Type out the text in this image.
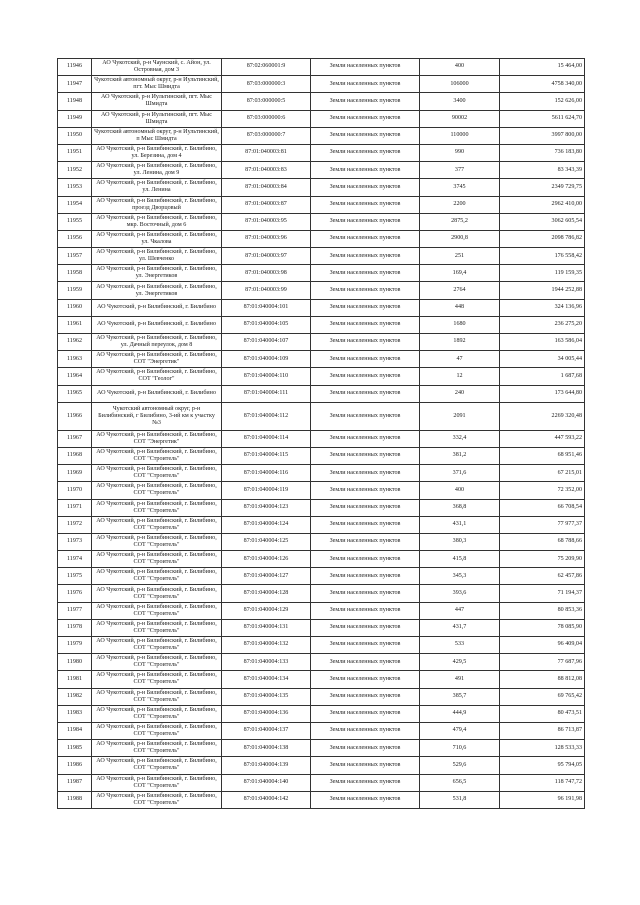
11946	АО Чукотский, р-н Чаунский, с. Айон, ул. Островная, дом 3	87:02:060001:9	Земли населенных пунктов	400	15 464,00
11947	Чукотский автономный округ, р-н Иультинский, пгт. Мыс Шмидта	87:03:000000:3	Земли населенных пунктов	106000	4758 340,00
11948	АО Чукотский, р-н Иультинский, пгт. Мыс Шмидта	87:03:000000:5	Земли населенных пунктов	3400	152 626,00
11949	АО Чукотский, р-н Иультинский, пгт. Мыс Шмидта	87:03:000000:6	Земли населенных пунктов	90002	5611 624,70
11950	Чукотский автономный округ, р-н Иультинский, п Мыс Шмидта	87:03:000000:7	Земли населенных пунктов	110000	3997 800,00
11951	АО Чукотский, р-н Билибинский, г. Билибино, ул. Березина, дом 4	87:01:040003:81	Земли населенных пунктов	990	736 183,80
11952	АО Чукотский, р-н Билибинский, г. Билибино, ул. Ленина, дом 9	87:01:040003:83	Земли населенных пунктов	377	83 343,39
11953	АО Чукотский, р-н Билибинский, г. Билибино, ул. Ленина	87:01:040003:84	Земли населенных пунктов	3745	2349 729,75
11954	АО Чукотский, р-н Билибинский, г. Билибино, проезд Дворцовый	87:01:040003:87	Земли населенных пунктов	2200	2962 410,00
11955	АО Чукотский, р-н Билибинский, г. Билибино, мкр. Восточный, дом 6	87:01:040003:95	Земли населенных пунктов	2875,2	3062 605,54
11956	АО Чукотский, р-н Билибинский, г. Билибино, ул. Чкалова	87:01:040003:96	Земли населенных пунктов	2900,8	2098 786,82
11957	АО Чукотский, р-н Билибинский, г. Билибино, ул. Шевченко	87:01:040003:97	Земли населенных пунктов	251	176 558,42
11958	АО Чукотский, р-н Билибинский, г. Билибино, ул. Энергетиков	87:01:040003:98	Земли населенных пунктов	169,4	119 159,35
11959	АО Чукотский, р-н Билибинский, г. Билибино, ул. Энергетиков	87:01:040003:99	Земли населенных пунктов	2764	1944 252,88
11960	АО Чукотский, р-н Билибинский, г. Билибино	87:01:040004:101	Земли населенных пунктов	448	324 136,96
11961	АО Чукотский, р-н Билибинский, г. Билибино	87:01:040004:105	Земли населенных пунктов	1680	236 275,20
11962	АО Чукотский, р-н Билибинский, г. Билибино, ул. Дачный переулок, дом 8	87:01:040004:107	Земли населенных пунктов	1892	163 586,04
11963	АО Чукотский, р-н Билибинский, г. Билибино, СОТ "Энергетик"	87:01:040004:109	Земли населенных пунктов	47	34 005,44
11964	АО Чукотский, р-н Билибинский, г. Билибино, СОТ "Геолог"	87:01:040004:110	Земли населенных пунктов	12	1 687,68
11965	АО Чукотский, р-н Билибинский, г. Билибино	87:01:040004:111	Земли населенных пунктов	240	173 644,80
11966	Чукотский автономный округ, р-н Билибинский, г Билибино, 3-ий км к участку №3	87:01:040004:112	Земли населенных пунктов	2091	2269 320,48
11967	АО Чукотский, р-н Билибинский, г. Билибино, СОТ "Энергетик"	87:01:040004:114	Земли населенных пунктов	332,4	447 593,22
11968	АО Чукотский, р-н Билибинский, г. Билибино, СОТ "Строитель"	87:01:040004:115	Земли населенных пунктов	381,2	68 951,46
11969	АО Чукотский, р-н Билибинский, г. Билибино, СОТ "Строитель"	87:01:040004:116	Земли населенных пунктов	371,6	67 215,01
11970	АО Чукотский, р-н Билибинский, г. Билибино, СОТ "Строитель"	87:01:040004:119	Земли населенных пунктов	400	72 352,00
11971	АО Чукотский, р-н Билибинский, г. Билибино, СОТ "Строитель"	87:01:040004:123	Земли населенных пунктов	368,8	66 708,54
11972	АО Чукотский, р-н Билибинский, г. Билибино, СОТ "Строитель"	87:01:040004:124	Земли населенных пунктов	431,1	77 977,37
11973	АО Чукотский, р-н Билибинский, г. Билибино, СОТ "Строитель"	87:01:040004:125	Земли населенных пунктов	380,3	68 788,66
11974	АО Чукотский, р-н Билибинский, г. Билибино, СОТ "Строитель"	87:01:040004:126	Земли населенных пунктов	415,8	75 209,90
11975	АО Чукотский, р-н Билибинский, г. Билибино, СОТ "Строитель"	87:01:040004:127	Земли населенных пунктов	345,3	62 457,86
11976	АО Чукотский, р-н Билибинский, г. Билибино, СОТ "Строитель"	87:01:040004:128	Земли населенных пунктов	393,6	71 194,37
11977	АО Чукотский, р-н Билибинский, г. Билибино, СОТ "Строитель"	87:01:040004:129	Земли населенных пунктов	447	80 853,36
11978	АО Чукотский, р-н Билибинский, г. Билибино, СОТ "Строитель"	87:01:040004:131	Земли населенных пунктов	431,7	78 085,90
11979	АО Чукотский, р-н Билибинский, г. Билибино, СОТ "Строитель"	87:01:040004:132	Земли населенных пунктов	533	96 409,04
11980	АО Чукотский, р-н Билибинский, г. Билибино, СОТ "Строитель"	87:01:040004:133	Земли населенных пунктов	429,5	77 687,96
11981	АО Чукотский, р-н Билибинский, г. Билибино, СОТ "Строитель"	87:01:040004:134	Земли населенных пунктов	491	88 812,08
11982	АО Чукотский, р-н Билибинский, г. Билибино, СОТ "Строитель"	87:01:040004:135	Земли населенных пунктов	385,7	69 765,42
11983	АО Чукотский, р-н Билибинский, г. Билибино, СОТ "Строитель"	87:01:040004:136	Земли населенных пунктов	444,9	80 473,51
11984	АО Чукотский, р-н Билибинский, г. Билибино, СОТ "Строитель"	87:01:040004:137	Земли населенных пунктов	479,4	86 713,87
11985	АО Чукотский, р-н Билибинский, г. Билибино, СОТ "Строитель"	87:01:040004:138	Земли населенных пунктов	710,6	128 533,33
11986	АО Чукотский, р-н Билибинский, г. Билибино, СОТ "Строитель"	87:01:040004:139	Земли населенных пунктов	529,6	95 794,05
11987	АО Чукотский, р-н Билибинский, г. Билибино, СОТ "Строитель"	87:01:040004:140	Земли населенных пунктов	656,5	118 747,72
11988	АО Чукотский, р-н Билибинский, г. Билибино, СОТ "Строитель"	87:01:040004:142	Земли населенных пунктов	531,8	96 191,98
